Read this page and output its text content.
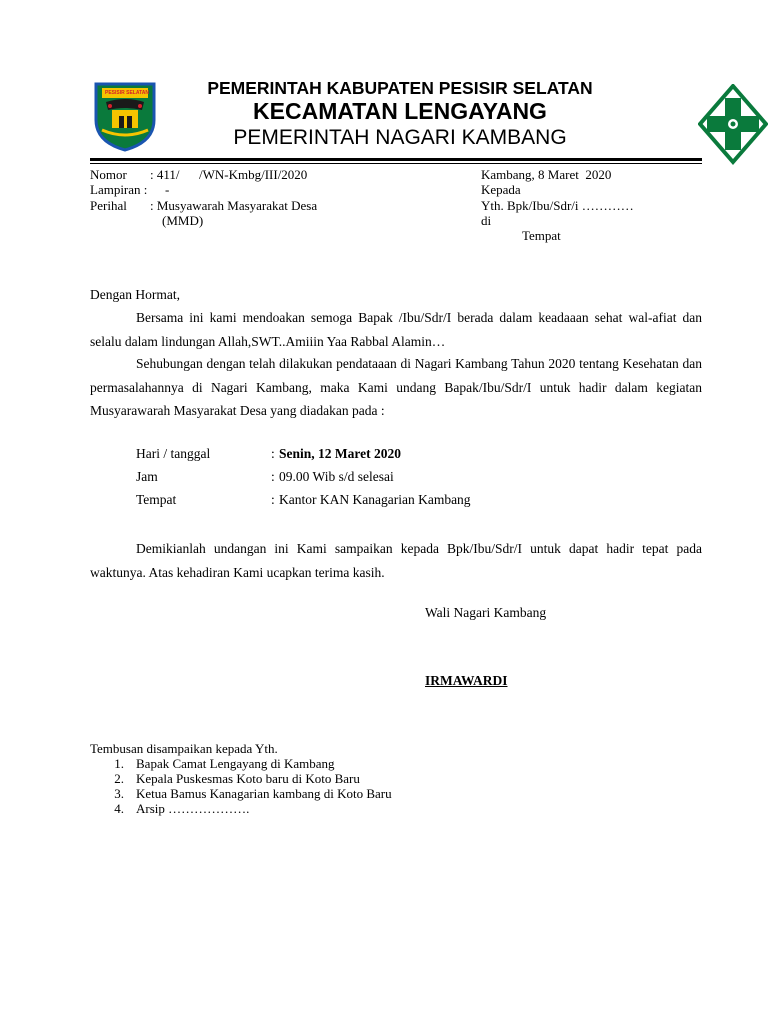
PESISIR SELATAN	PEMERINTAH KABUPATEN PESISIR SELATAN
KECAMATAN LENGAYANG
PEMERINTAH NAGARI KAMBANG
Nomor : 411/      /WN-Kmbg/III/2020
Lampiran : -
Perihal : Musyawarah Masyarakat Desa
(MMD)
Kambang, 8 Maret  2020
Kepada
Yth. Bpk/Ibu/Sdr/i …………
di
Tempat
Dengan Hormat,
Bersama ini kami mendoakan semoga Bapak /Ibu/Sdr/I berada dalam keadaaan sehat wal-afiat dan selalu dalam lindungan Allah,SWT..Amiiin Yaa Rabbal Alamin…
Sehubungan dengan telah dilakukan pendataaan di Nagari Kambang Tahun 2020 tentang Kesehatan dan permasalahannya di Nagari Kambang, maka Kami undang Bapak/Ibu/Sdr/I untuk hadir dalam kegiatan Musyarawarah Masyarakat Desa yang diadakan pada :
Hari / tanggal	: Senin, 12 Maret 2020
Jam	: 09.00 Wib s/d selesai
Tempat	: Kantor KAN Kanagarian Kambang
Demikianlah undangan ini Kami sampaikan kepada Bpk/Ibu/Sdr/I untuk dapat hadir tepat pada waktunya. Atas kehadiran Kami ucapkan terima kasih.
Wali Nagari Kambang
IRMAWARDI
Tembusan disampaikan kepada Yth.
1. Bapak Camat Lengayang di Kambang
2. Kepala Puskesmas Koto baru di Koto Baru
3. Ketua Bamus Kanagarian kambang di Koto Baru
4. Arsip ……………….
